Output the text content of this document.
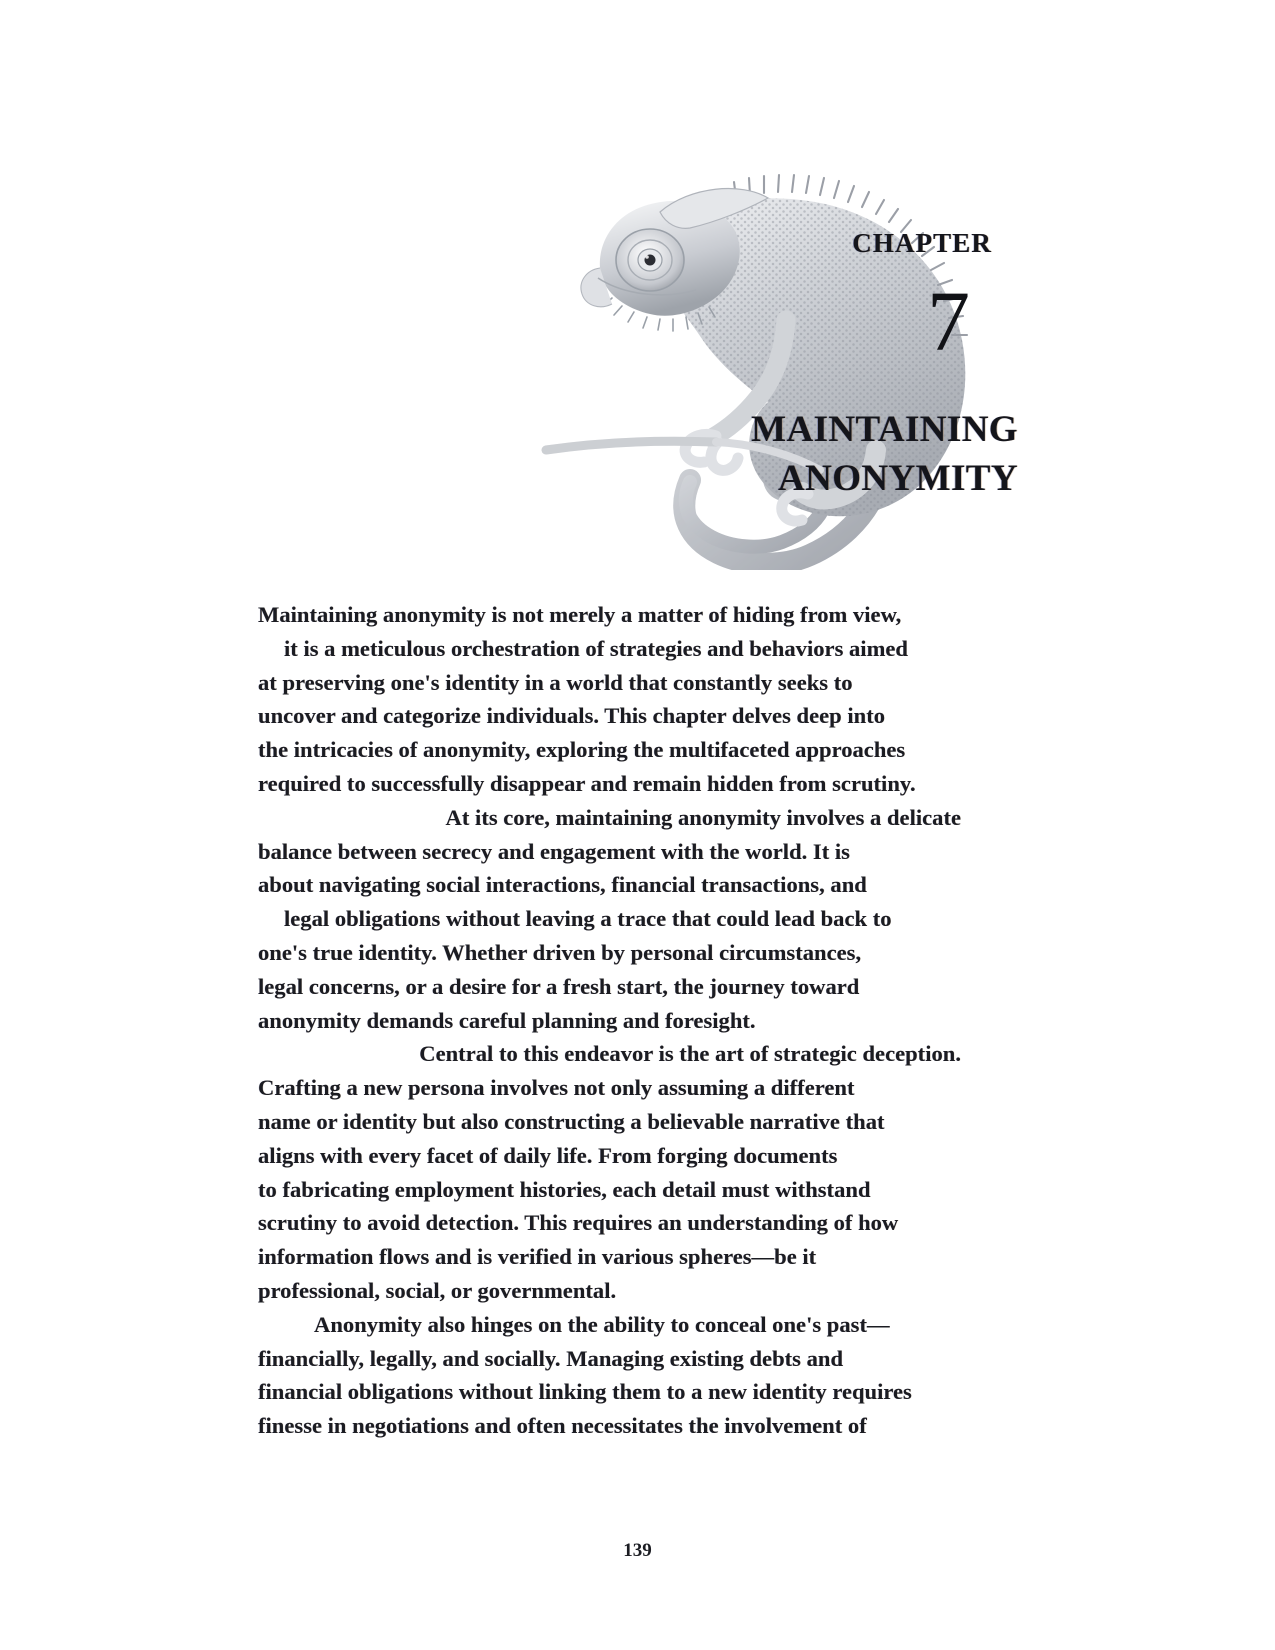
CHAPTER
7
MAINTAINING
ANONYMITY

Maintaining anonymity is not merely a matter of hiding from view,
it is a meticulous orchestration of strategies and behaviors aimed
at preserving one's identity in a world that constantly seeks to
uncover and categorize individuals. This chapter delves deep into
the intricacies of anonymity, exploring the multifaceted approaches
required to successfully disappear and remain hidden from scrutiny.

At its core, maintaining anonymity involves a delicate
balance between secrecy and engagement with the world. It is
about navigating social interactions, financial transactions, and
legal obligations without leaving a trace that could lead back to
one's true identity. Whether driven by personal circumstances,
legal concerns, or a desire for a fresh start, the journey toward
anonymity demands careful planning and foresight.

Central to this endeavor is the art of strategic deception.
Crafting a new persona involves not only assuming a different
name or identity but also constructing a believable narrative that
aligns with every facet of daily life. From forging documents
to fabricating employment histories, each detail must withstand
scrutiny to avoid detection. This requires an understanding of how
information flows and is verified in various spheres—be it
professional, social, or governmental.

Anonymity also hinges on the ability to conceal one's past—
financially, legally, and socially. Managing existing debts and
financial obligations without linking them to a new identity requires
finesse in negotiations and often necessitates the involvement of

139
